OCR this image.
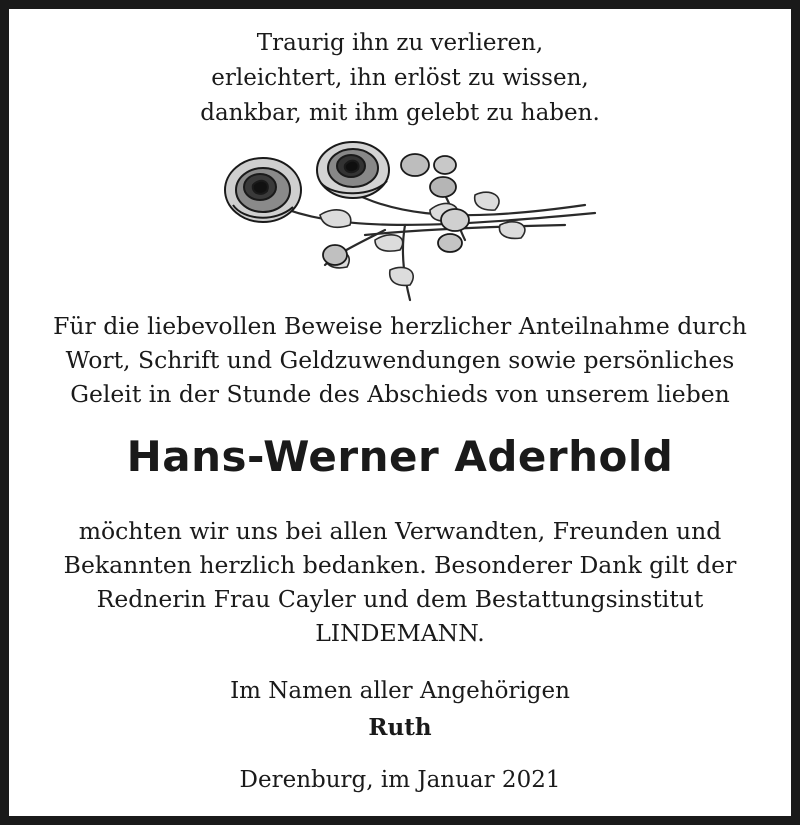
Traurig ihn zu verlieren,
erleichtert, ihn erlöst zu wissen,
dankbar, mit ihm gelebt zu haben.
Für die liebevollen Beweise herzlicher Anteilnahme durch
Wort, Schrift und Geldzuwendungen sowie persönliches
Geleit in der Stunde des Abschieds von unserem lieben
Hans-Werner Aderhold
möchten wir uns bei allen Verwandten, Freunden und
Bekannten herzlich bedanken. Besonderer Dank gilt der
Rednerin Frau Cayler und dem Bestattungsinstitut
LINDEMANN.
Im Namen aller Angehörigen
Ruth
Derenburg, im Januar 2021
